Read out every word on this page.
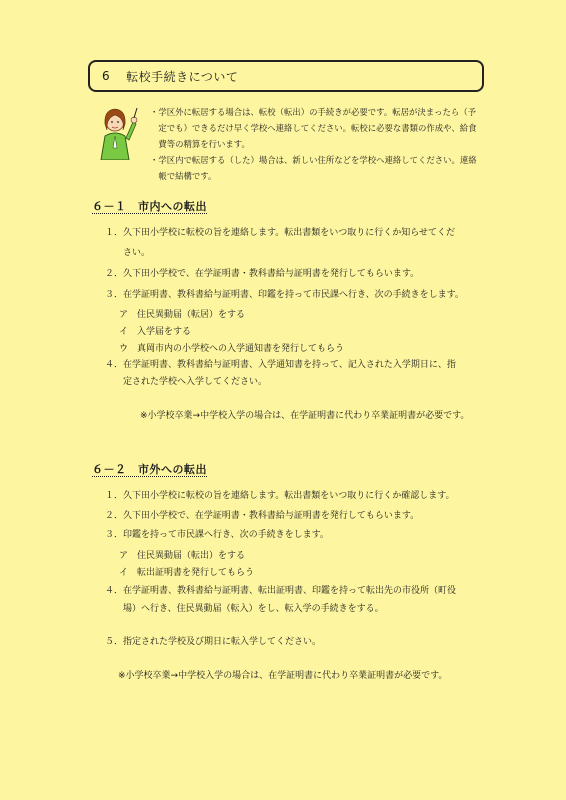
6 転校手続きについて

・学区外に転居する場合は、転校（転出）の手続きが必要です。転居が決まったら（予

　定でも）できるだけ早く学校へ連絡してください。転校に必要な書類の作成や、給食

　費等の精算を行います。

・学区内で転居する（した）場合は、新しい住所などを学校へ連絡してください。連絡

　帳で結構です。

６－１　市内への転出
１．久下田小学校に転校の旨を連絡します。転出書類をいつ取りに行くか知らせてくだ
　　さい。
２．久下田小学校で、在学証明書・教科書給与証明書を発行してもらいます。
３．在学証明書、教科書給与証明書、印鑑を持って市民課へ行き、次の手続きをします。
　ア　住民異動届（転居）をする
　イ　入学届をする
　ウ　真岡市内の小学校への入学通知書を発行してもらう
４．在学証明書、教科書給与証明書、入学通知書を持って、記入された入学期日に、指
　　定された学校へ入学してください。
※小学校卒業→中学校入学の場合は、在学証明書に代わり卒業証明書が必要です。
６－２　市外への転出
１．久下田小学校に転校の旨を連絡します。転出書類をいつ取りに行くか確認します。
２．久下田小学校で、在学証明書・教科書給与証明書を発行してもらいます。
３．印鑑を持って市民課へ行き、次の手続きをします。
　ア　住民異動届（転出）をする
　イ　転出証明書を発行してもらう
４．在学証明書、教科書給与証明書、転出証明書、印鑑を持って転出先の市役所（町役
　　場）へ行き、住民異動届（転入）をし、転入学の手続きをする。
５．指定された学校及び期日に転入学してください。
※小学校卒業→中学校入学の場合は、在学証明書に代わり卒業証明書が必要です。
